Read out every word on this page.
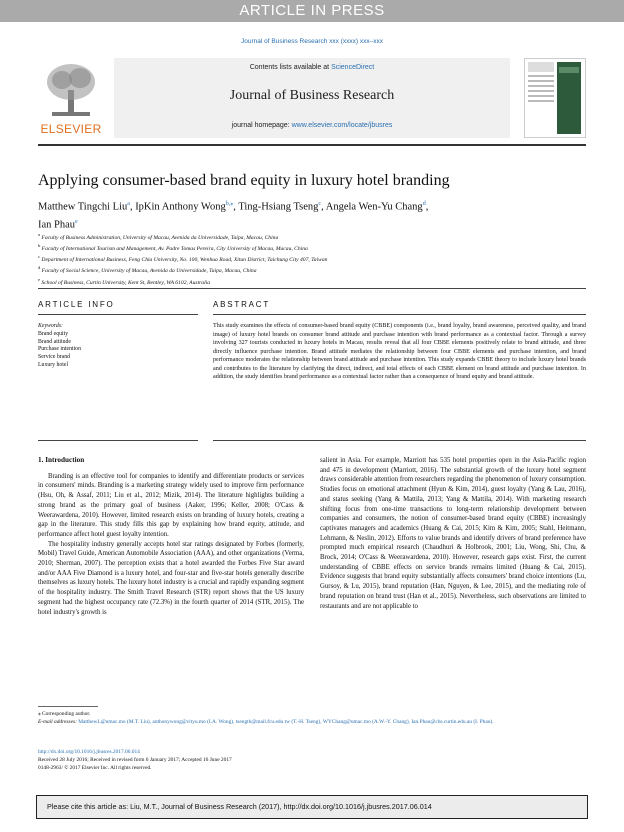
ARTICLE IN PRESS
Journal of Business Research xxx (xxxx) xxx–xxx
ELSEVIER
Contents lists available at ScienceDirect
Journal of Business Research
journal homepage: www.elsevier.com/locate/jbusres
Applying consumer-based brand equity in luxury hotel branding
Matthew Tingchi Liu$^a$, IpKin Anthony Wong$^{b,⁎}$, Ting-Hsiang Tseng$^c$, Angela Wen-Yu Chang$^d$,
Ian Phau$^e$
$^a$ Faculty of Business Administration, University of Macau, Avenida da Universidade, Taipa, Macau, China
$^b$ Faculty of International Tourism and Management, Av. Padre Tomas Pereira, City University of Macau, Macau, China
$^c$ Department of International Business, Feng Chia University, No. 100, Wenhua Road, Xitun District, Taichung City 407, Taiwan
$^d$ Faculty of Social Science, University of Macau, Avenida da Universidade, Taipa, Macau, China
$^e$ School of Business, Curtin University, Kent St, Bentley, WA 6102, Australia
ARTICLE INFO	ABSTRACT
Keywords:
Brand equity
Brand attitude
Purchase intention
Service brand
Luxury hotel
This study examines the effects of consumer-based brand equity (CBBE) components (i.e., brand loyalty, brand awareness, perceived quality, and brand image) of luxury hotel brands on consumer brand attitude and purchase intention with brand performance as a contextual factor. Through a survey involving 327 tourists conducted in luxury hotels in Macau, results reveal that all four CBBE elements positively relate to brand attitude, and three directly influence purchase intention. Brand attitude mediates the relationship between four CBBE elements and purchase intention, and brand performance moderates the relationship between brand attitude and purchase intention. This study expands CBBE theory to include luxury hotel brands and contributes to the literature by clarifying the direct, indirect, and total effects of each CBBE element on brand attitude and purchase intention. In addition, the study identifies brand performance as a contextual factor rather than a consequence of brand equity and brand attitude.
1. Introduction

Branding is an effective tool for companies to identify and differentiate products or services in consumers' minds. Branding is a marketing strategy widely used to improve firm performance (Hsu, Oh, & Assaf, 2011; Liu et al., 2012; Mizik, 2014). The literature highlights building a strong brand as the primary goal of business (Aaker, 1996; Keller, 2008; O'Cass & Weerawardena, 2010). However, limited research exists on branding of luxury hotels, creating a gap in the literature. This study fills this gap by explaining how brand equity, attitude, and performance affect hotel guest loyalty intention.

The hospitality industry generally accepts hotel star ratings designated by Forbes (formerly, Mobil) Travel Guide, American Automobile Association (AAA), and other organizations (Verma, 2010; Sherman, 2007). The perception exists that a hotel awarded the Forbes Five Star award and/or AAA Five Diamond is a luxury hotel, and four-star and five-star hotels generally describe themselves as luxury hotels. The luxury hotel industry is a crucial and rapidly expanding segment of the hospitality industry. The Smith Travel Research (STR) report shows that the US luxury segment had the highest occupancy rate (72.3%) in the fourth quarter of 2014 (STR, 2015). The hotel industry's growth is

salient in Asia. For example, Marriott has 535 hotel properties open in the Asia-Pacific region and 475 in development (Marriott, 2016). The substantial growth of the luxury hotel segment draws considerable attention from researchers regarding the phenomenon of luxury consumption. Studies focus on emotional attachment (Hyun & Kim, 2014), guest loyalty (Yang & Lau, 2016), and status seeking (Yang & Mattila, 2013; Yang & Mattila, 2014). With marketing research shifting focus from one-time transactions to long-term relationship development between companies and consumers, the notion of consumer-based brand equity (CBBE) increasingly captivates managers and academics (Huang & Cai, 2015; Kim & Kim, 2005; Stahl, Heitmann, Lehmann, & Neslin, 2012). Efforts to value brands and identify drivers of brand preference have prompted much empirical research (Chaudhuri & Holbrook, 2001; Liu, Wong, Shi, Chu, & Brock, 2014; O'Cass & Weerawardena, 2010). However, research gaps exist. First, the current understanding of CBBE effects on service brands remains limited (Huang & Cai, 2015). Evidence suggests that brand equity substantially affects consumers' brand choice intentions (Lu, Gursoy, & Lu, 2015), brand reputation (Han, Nguyen, & Lee, 2015), and the mediating role of brand reputation on brand trust (Han et al., 2015). Nevertheless, such observations are limited to restaurants and are not applicable to

⁎ Corresponding author.
E-mail addresses: MatthewL@umac.mo (M.T. Liu), anthonywong@cityu.mo (I.A. Wong), tsength@mail.fcu.edu.tw (T.-H. Tseng), WYChang@umac.mo (A.W.-Y. Chang), Ian.Phau@cbs.curtin.edu.au (I. Phau).
http://dx.doi.org/10.1016/j.jbusres.2017.06.014
Received 28 July 2016; Received in revised form 6 January 2017; Accepted 16 June 2017
0148-2963/ © 2017 Elsevier Inc. All rights reserved.
Please cite this article as: Liu, M.T., Journal of Business Research (2017), http://dx.doi.org/10.1016/j.jbusres.2017.06.014
